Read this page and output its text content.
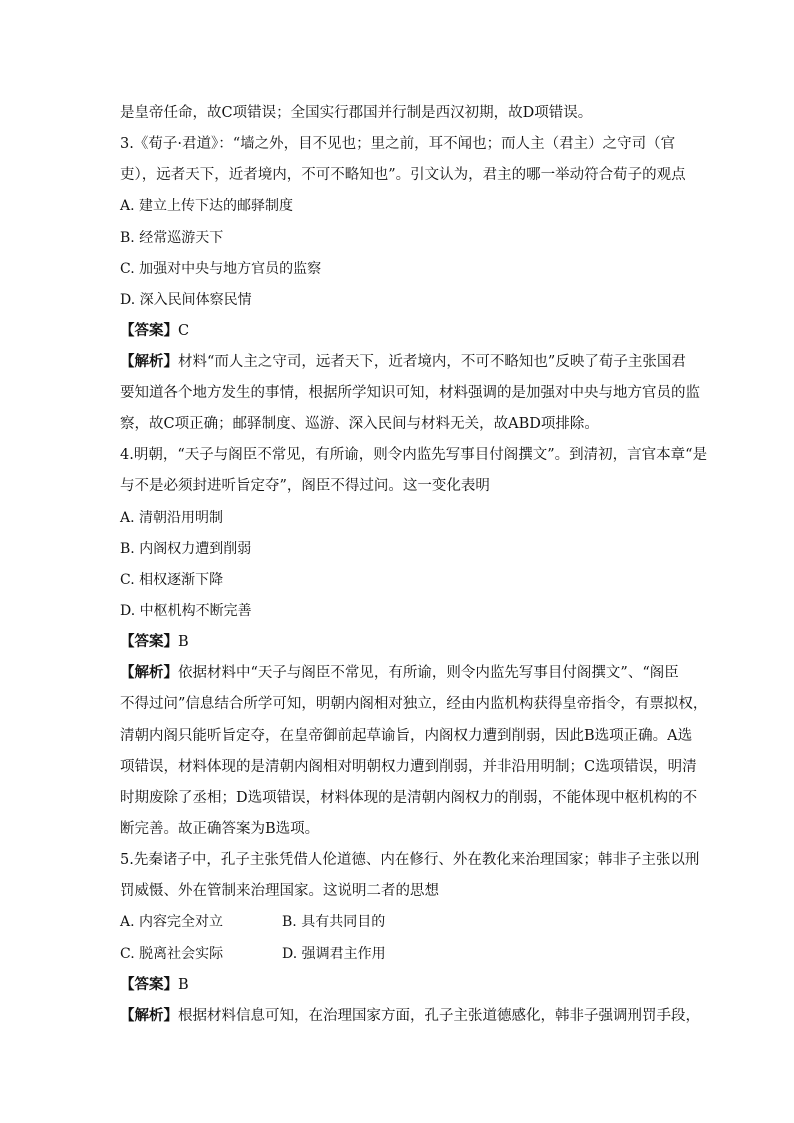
是皇帝任命，故C项错误；全国实行郡国并行制是西汉初期，故D项错误。
3.《荀子·君道》：“墙之外，目不见也；里之前，耳不闻也；而人主（君主）之守司（官
吏），远者天下，近者境内，不可不略知也”。引文认为，君主的哪一举动符合荀子的观点
A. 建立上传下达的邮驿制度
B. 经常巡游天下
C. 加强对中央与地方官员的监察
D. 深入民间体察民情
【答案】C
【解析】材料“而人主之守司，远者天下，近者境内，不可不略知也”反映了荀子主张国君
要知道各个地方发生的事情，根据所学知识可知，材料强调的是加强对中央与地方官员的监
察，故C项正确；邮驿制度、巡游、深入民间与材料无关，故ABD项排除。
4.明朝，“天子与阁臣不常见，有所谕，则令内监先写事目付阁撰文”。到清初，言官本章“是
与不是必须封进听旨定夺”，阁臣不得过问。这一变化表明
A. 清朝沿用明制
B. 内阁权力遭到削弱
C. 相权逐渐下降
D. 中枢机构不断完善
【答案】B
【解析】依据材料中“天子与阁臣不常见，有所谕，则令内监先写事目付阁撰文”、“阁臣
不得过问”信息结合所学可知，明朝内阁相对独立，经由内监机构获得皇帝指令，有票拟权，
清朝内阁只能听旨定夺，在皇帝御前起草谕旨，内阁权力遭到削弱，因此B选项正确。A选
项错误，材料体现的是清朝内阁相对明朝权力遭到削弱，并非沿用明制；C选项错误，明清
时期废除了丞相；D选项错误，材料体现的是清朝内阁权力的削弱，不能体现中枢机构的不
断完善。故正确答案为B选项。
5.先秦诸子中，孔子主张凭借人伦道德、内在修行、外在教化来治理国家；韩非子主张以刑
罚威慑、外在管制来治理国家。这说明二者的思想
A. 内容完全对立	B. 具有共同目的
C. 脱离社会实际	D. 强调君主作用
【答案】B
【解析】根据材料信息可知，在治理国家方面，孔子主张道德感化，韩非子强调刑罚手段，
